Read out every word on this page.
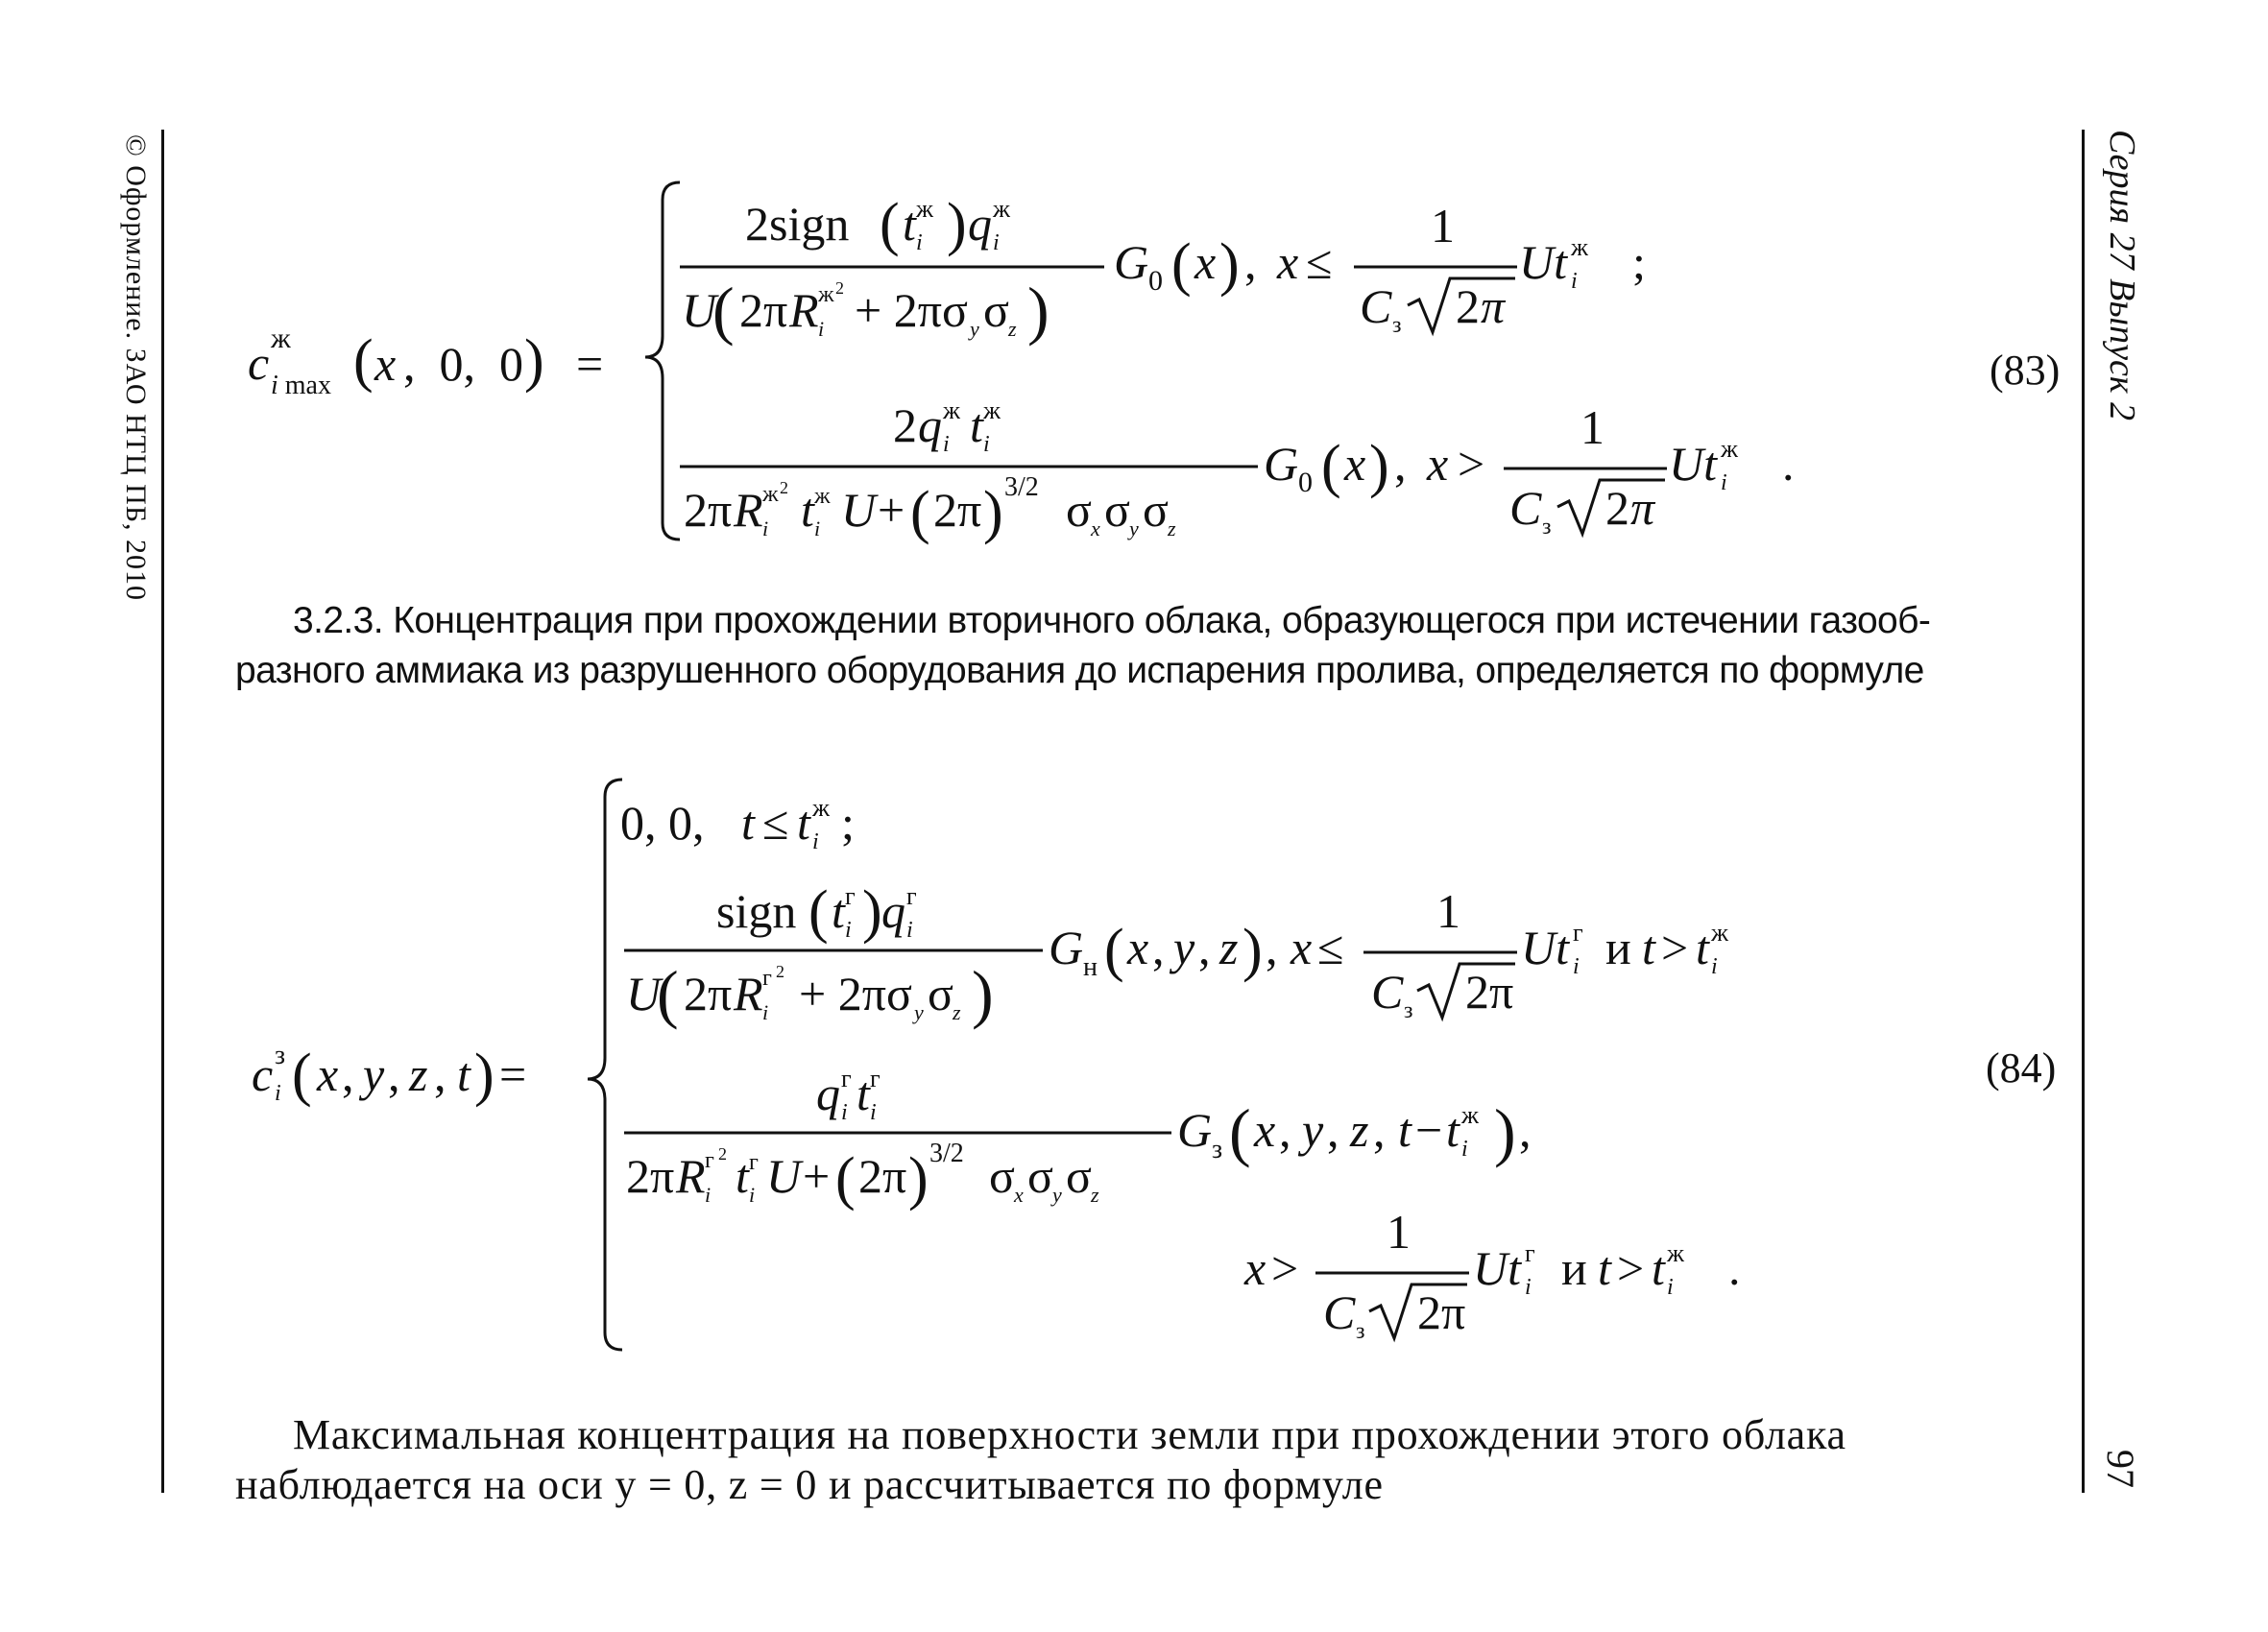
© Оформление. ЗАО НТЦ ПБ, 2010	Серия 27 Выпуск 2
97
c ж
i max ( x ,  0,  0 ) =
2sign ( t ж
i ) q ж
i
U
( 2π R ж 2
i + 2πσ y σ z )
G 0 ( x ) ,
x ≤
1
C з 2 π
Ut ж
i ;
2 q ж
i t ж
i
2π R ж 2
i t ж
i U + ( 2π ) 3/2 σ x σ y σ z
G 0 ( x ) ,
x >
1
C з 2 π
Ut ж
i .
(83)
3.2.3. Концентрация при прохождении вторичного облака, образующегося при истечении газооб-
разного аммиака из разрушенного оборудования до испарения пролива, определяется по формуле
c з
i ( x , y , z , t ) =
0, 0, t ≤ t ж
i ;
sign ( t г
i ) q г
i
U
( 2π R г 2
i + 2πσ y σ z )
G н ( x , y , z ) , x ≤
1
C з 2π
Ut г
i и t > t ж
i
q г
i t г
i
2π R г 2
i t г
i U + ( 2π ) 3/2 σ x σ y σ z
G з ( x , y , z , t − t ж
i ) ,
x >
1
C з 2π
Ut г
i и t > t ж
i .
(84)
Максимальная концентрация на поверхности земли при прохождении этого облака
наблюдается на оси y = 0, z = 0 и рассчитывается по формуле
